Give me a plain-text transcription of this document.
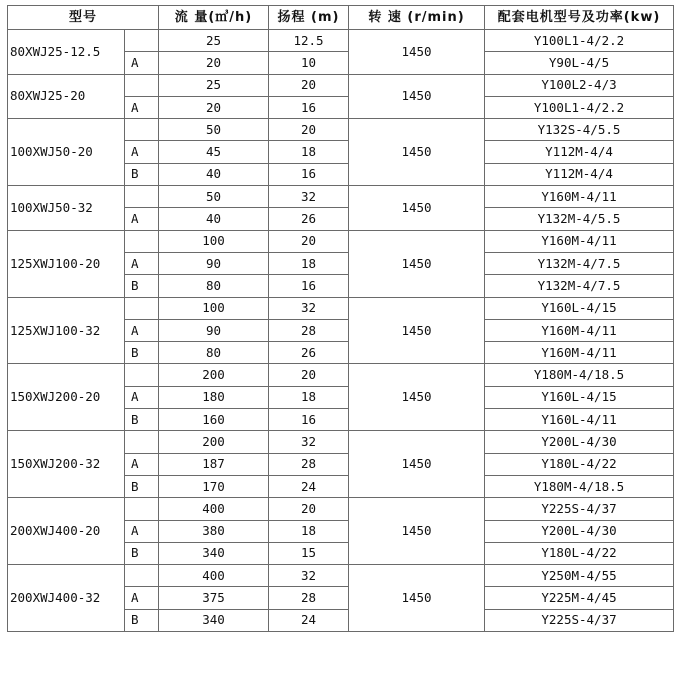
型号		流 量(㎥/h)	扬程 (m)	转 速 (r/min)	配套电机型号及功率(kw)
80XWJ25-12.5		25	12.5	1450	Y100L1-4/2.2
	A	20	10		Y90L-4/5
80XWJ25-20		25	20	1450	Y100L2-4/3
	A	20	16		Y100L1-4/2.2
100XWJ50-20		50	20	1450	Y132S-4/5.5
	A	45	18		Y112M-4/4
	B	40	16		Y112M-4/4
100XWJ50-32		50	32	1450	Y160M-4/11
	A	40	26		Y132M-4/5.5
125XWJ100-20		100	20	1450	Y160M-4/11
	A	90	18		Y132M-4/7.5
	B	80	16		Y132M-4/7.5
125XWJ100-32		100	32	1450	Y160L-4/15
	A	90	28		Y160M-4/11
	B	80	26		Y160M-4/11
150XWJ200-20		200	20	1450	Y180M-4/18.5
	A	180	18		Y160L-4/15
	B	160	16		Y160L-4/11
150XWJ200-32		200	32	1450	Y200L-4/30
	A	187	28		Y180L-4/22
	B	170	24		Y180M-4/18.5
200XWJ400-20		400	20	1450	Y225S-4/37
	A	380	18		Y200L-4/30
	B	340	15		Y180L-4/22
200XWJ400-32		400	32	1450	Y250M-4/55
	A	375	28		Y225M-4/45
	B	340	24		Y225S-4/37
